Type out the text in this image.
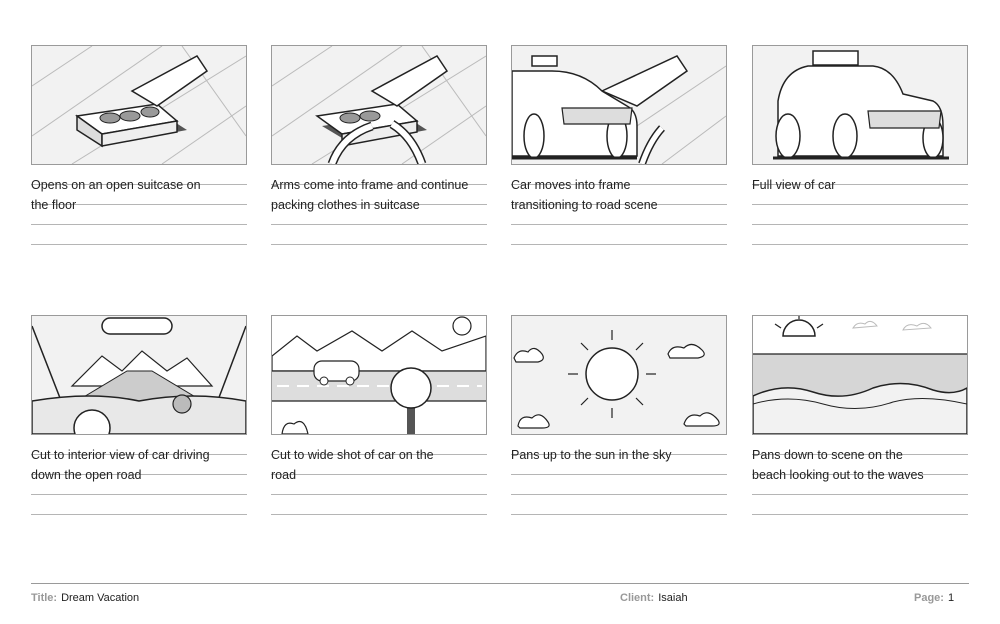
Opens on an open suitcase on
the floor
Arms come into frame and continue
packing clothes in suitcase
Car moves into frame
transitioning to road scene
Full view of car
Cut to interior view of car driving
down the open road
Cut to wide shot of car on the
road
Pans up to the sun in the sky	Pans down to scene on the
beach looking out to the waves
Title: Dream Vacation	Client: Isaiah	Page: 1
